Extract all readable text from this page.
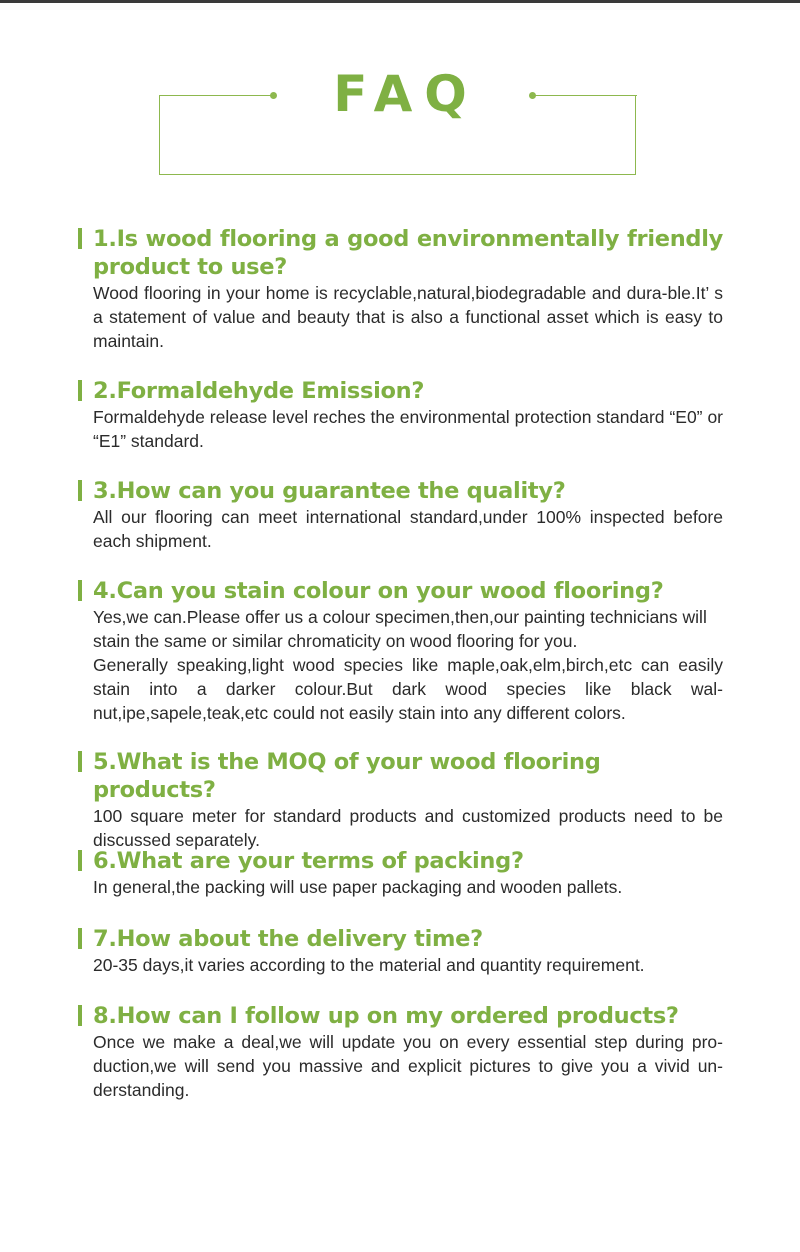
FAQ
1.Is wood flooring a good environmentally friendly product to use?

Wood flooring in your home is recyclable,natural,biodegradable and dura-ble.It’ s a statement of value and beauty that is also a functional asset which is easy to maintain.

2.Formaldehyde Emission?

Formaldehyde release level reches the environmental protection standard “E0” or “E1” standard.

3.How can you guarantee the quality?

All our flooring can meet international standard,under 100% inspected before each shipment.

4.Can you stain colour on your wood flooring?

Yes,we can.Please offer us a colour specimen,then,our painting technicians will stain the same or similar chromaticity on wood flooring for you.

Generally speaking,light wood species like maple,oak,elm,birch,etc can easily stain into a darker colour.But dark wood species like black wal-nut,ipe,sapele,teak,etc could not easily stain into any different colors.

5.What is the MOQ of your wood flooring products?

100 square meter for standard products and customized products need to be discussed separately.

6.What are your terms of packing?

In general,the packing will use paper packaging and wooden pallets.

7.How about the delivery time?

20-35 days,it varies according to the material and quantity requirement.

8.How can I follow up on my ordered products?

Once we make a deal,we will update you on every essential step during pro-duction,we will send you massive and explicit pictures to give you a vivid un-derstanding.
